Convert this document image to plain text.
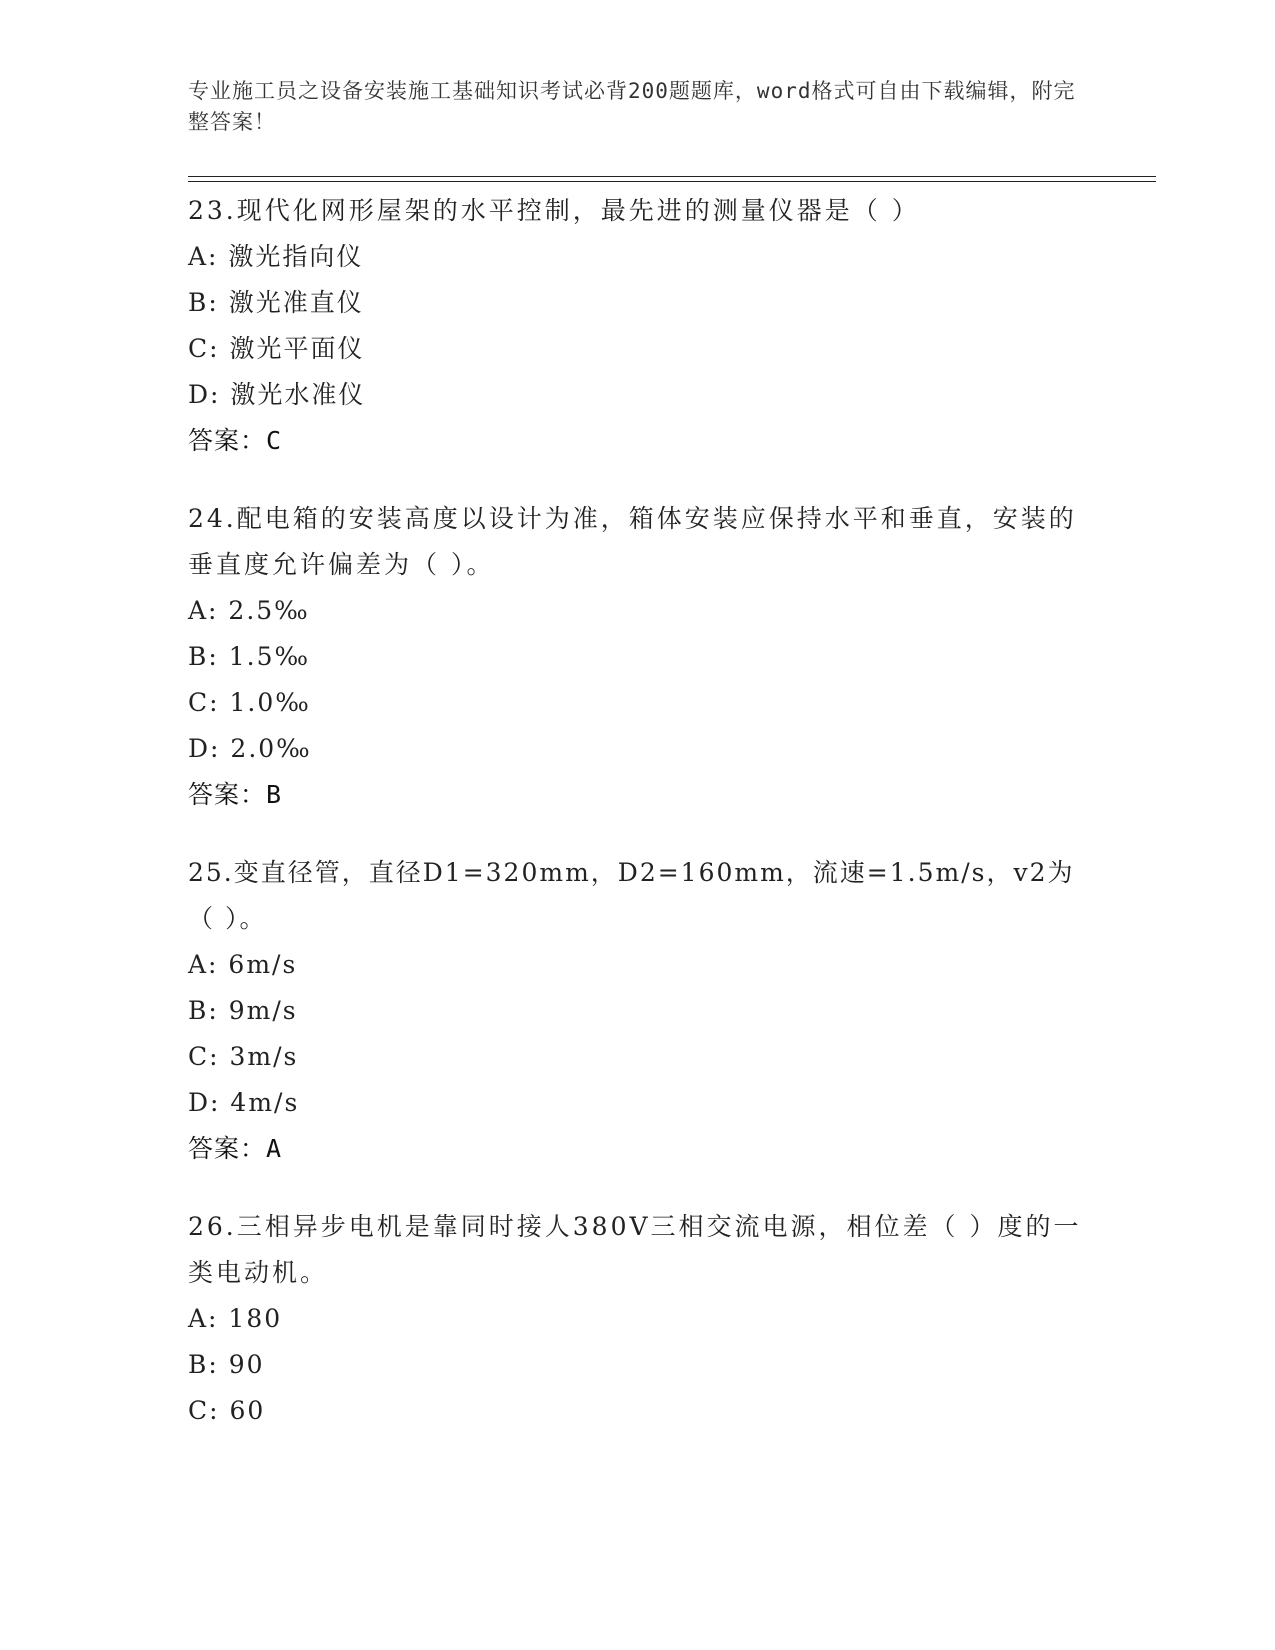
专业施工员之设备安装施工基础知识考试必背200题题库，word格式可自由下载编辑，附完整答案！

23.现代化网形屋架的水平控制，最先进的测量仪器是（ ）

A: 激光指向仪

B: 激光准直仪

C: 激光平面仪

D: 激光水准仪

答案：C

24.配电箱的安装高度以设计为准，箱体安装应保持水平和垂直，安装的垂直度允许偏差为（ ）。

A: 2.5‰

B: 1.5‰

C: 1.0‰

D: 2.0‰

答案：B

25.变直径管，直径D1=320mm，D2=160mm，流速=1.5m/s，v2为（ ）。

A: 6m/s

B: 9m/s

C: 3m/s

D: 4m/s

答案：A

26.三相异步电机是靠同时接人380V三相交流电源，相位差（ ）度的一类电动机。

A: 180

B: 90

C: 60
